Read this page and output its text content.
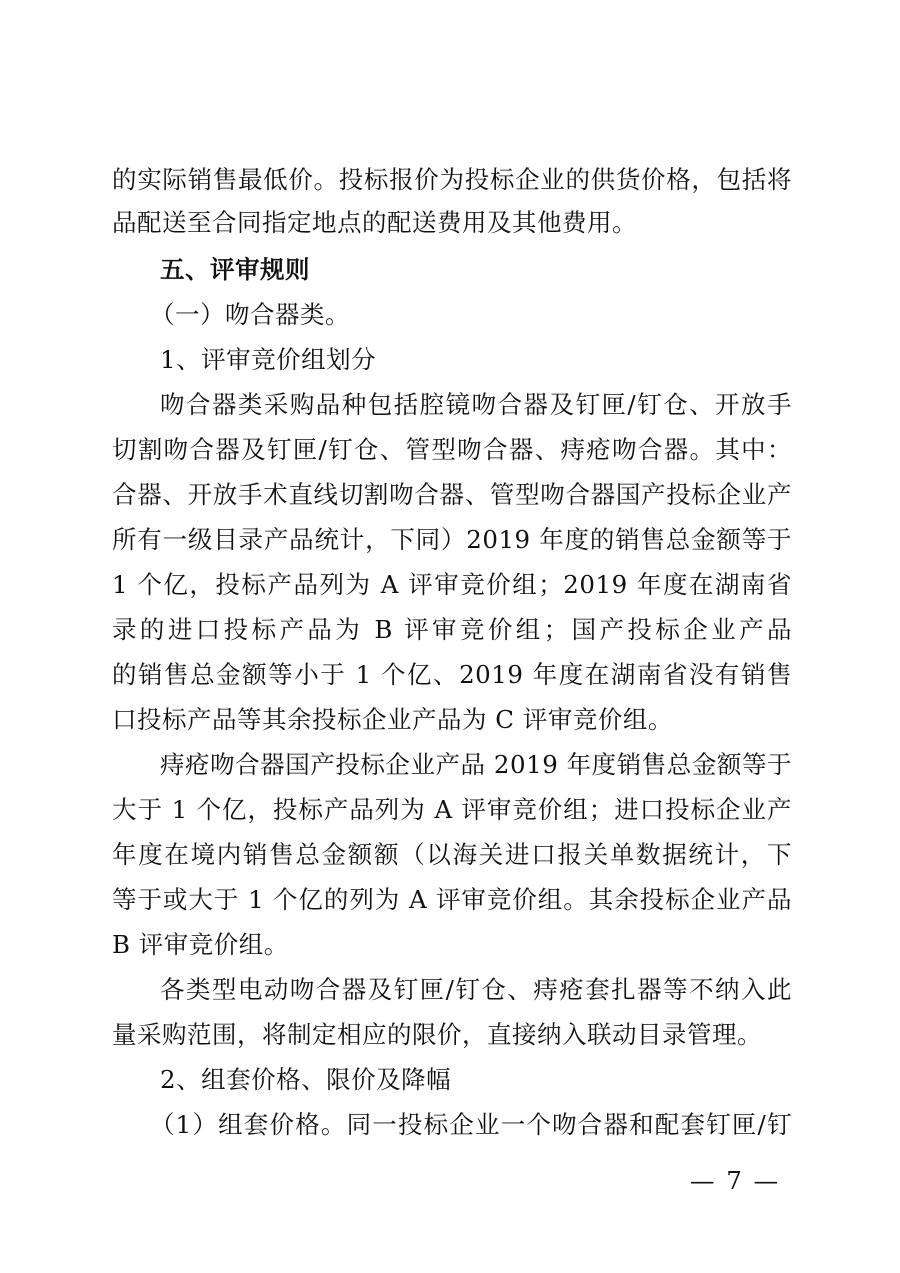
的实际销售最低价。投标报价为投标企业的供货价格，包括将
品配送至合同指定地点的配送费用及其他费用。
五、评审规则
（一）吻合器类。
1、评审竞价组划分
吻合器类采购品种包括腔镜吻合器及钉匣/钉仓、开放手
切割吻合器及钉匣/钉仓、管型吻合器、痔疮吻合器。其中：
合器、开放手术直线切割吻合器、管型吻合器国产投标企业产
所有一级目录产品统计，下同）2019 年度的销售总金额等于
1 个亿，投标产品列为 A 评审竞价组；2019 年度在湖南省
录的进口投标产品为 B 评审竞价组；国产投标企业产品
的销售总金额等小于 1 个亿、2019 年度在湖南省没有销售
口投标产品等其余投标企业产品为 C 评审竞价组。
痔疮吻合器国产投标企业产品 2019 年度销售总金额等于
大于 1 个亿，投标产品列为 A 评审竞价组；进口投标企业产
年度在境内销售总金额额（以海关进口报关单数据统计，下
等于或大于 1 个亿的列为 A 评审竞价组。其余投标企业产品
B 评审竞价组。
各类型电动吻合器及钉匣/钉仓、痔疮套扎器等不纳入此
量采购范围，将制定相应的限价，直接纳入联动目录管理。
2、组套价格、限价及降幅
（1）组套价格。同一投标企业一个吻合器和配套钉匣/钉
— 7 —
